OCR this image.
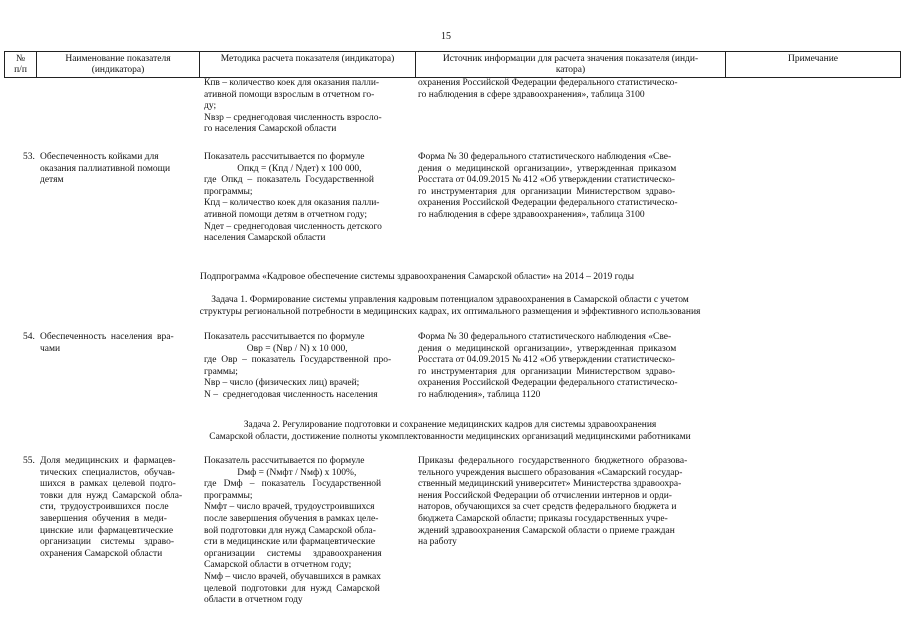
15
№
п/п
Наименование показателя
(индикатора)
Методика расчета показателя (индикатора)	Источник информации для расчета значения показателя (инди-
катора)
Примечание
Кпв – количество коек для оказания палли-
ативной помощи взрослым в отчетном го-
ду;
Nвзр – среднегодовая численность взросло-
го населения Самарской области
охранения Российской Федерации федерального статистическо-
го наблюдения в сфере здравоохранения», таблица 3100
53. Обеспеченность койками для
оказания паллиативной помощи
детям
Показатель рассчитывается по формуле
Опкд = (Кпд / Nдет) х 100 000,
где  Опкд  –  показатель  Государственной
программы;
Кпд – количество коек для оказания палли-
ативной помощи детям в отчетном году;
Nдет – среднегодовая численность детского
населения Самарской области
Форма № 30 федерального статистического наблюдения «Све-
дения  о  медицинской  организации»,  утвержденная  приказом
Росстата от 04.09.2015 № 412 «Об утверждении статистическо-
го  инструментария  для  организации  Министерством  здраво-
охранения Российской Федерации федерального статистическо-
го наблюдения в сфере здравоохранения», таблица 3100
Подпрограмма «Кадровое обеспечение системы здравоохранения Самарской области» на 2014 – 2019 годы
Задача 1. Формирование системы управления кадровым потенциалом здравоохранения в Самарской области с учетом
структуры региональной потребности в медицинских кадрах, их оптимального размещения и эффективного использования
54. Обеспеченность  населения  вра-
чами
Показатель рассчитывается по формуле
Овр = (Nвр / N) х 10 000,
где  Овр  –  показатель  Государственной  про-
граммы;
Nвр – число (физических лиц) врачей;
N –  среднегодовая численность населения
Форма № 30 федерального статистического наблюдения «Све-
дения  о  медицинской  организации»,  утвержденная  приказом
Росстата от 04.09.2015 № 412 «Об утверждении статистическо-
го  инструментария  для  организации  Министерством  здраво-
охранения Российской Федерации федерального статистическо-
го наблюдения», таблица 1120
Задача 2. Регулирование подготовки и сохранение медицинских кадров для системы здравоохранения
Самарской области, достижение полноты укомплектованности медицинских организаций медицинскими работниками
55. Доля  медицинских  и  фармацев-
тических  специалистов,  обучав-
шихся  в  рамках  целевой  подго-
товки  для  нужд  Самарской  обла-
сти,  трудоустроившихся  после
завершения  обучения  в  меди-
цинские  или  фармацевтические
организации    системы    здраво-
охранения Самарской области
Показатель рассчитывается по формуле
Dмф = (Nмфт / Nмф) х 100%,
где   Dмф   –   показатель   Государственной
программы;
Nмфт – число врачей, трудоустроившихся
после завершения обучения в рамках целе-
вой подготовки для нужд Самарской обла-
сти в медицинские или фармацевтические
организации     системы     здравоохранения
Самарской области в отчетном году;
Nмф – число врачей, обучавшихся в рамках
целевой  подготовки  для  нужд  Самарской
области в отчетном году
Приказы  федерального  государственного  бюджетного  образова-
тельного учреждения высшего образования «Самарский государ-
ственный медицинский университет» Министерства здравоохра-
нения Российской Федерации об отчислении интернов и орди-
наторов, обучающихся за счет средств федерального бюджета и
бюджета Самарской области; приказы государственных учре-
ждений здравоохранения Самарской области о приеме граждан
на работу
